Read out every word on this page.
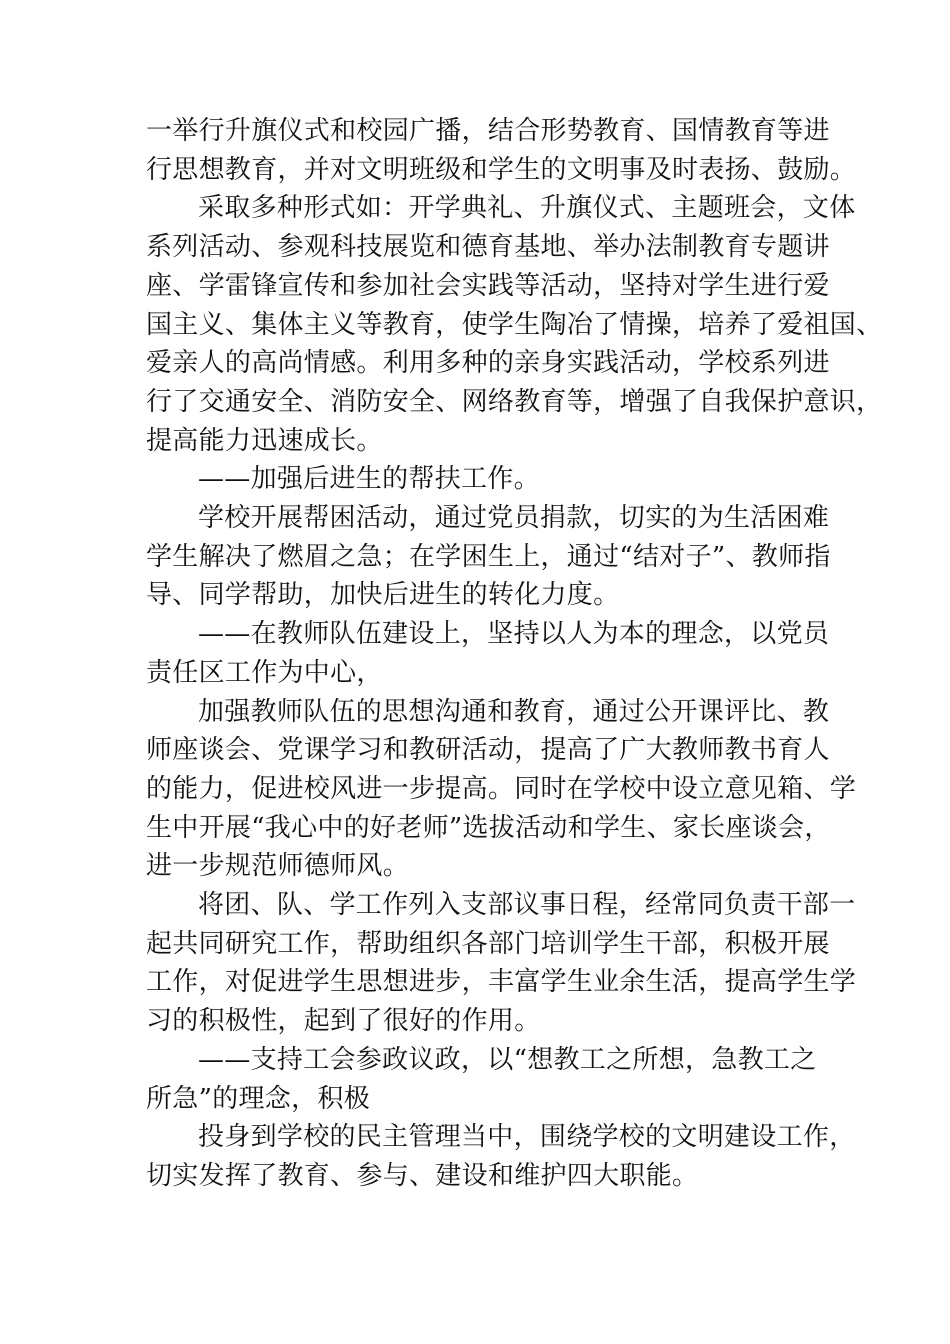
一举行升旗仪式和校园广播，结合形势教育、国情教育等进
行思想教育，并对文明班级和学生的文明事及时表扬、鼓励。
采取多种形式如：开学典礼、升旗仪式、主题班会，文体
系列活动、参观科技展览和德育基地、举办法制教育专题讲
座、学雷锋宣传和参加社会实践等活动，坚持对学生进行爱
国主义、集体主义等教育，使学生陶冶了情操，培养了爱祖国、
爱亲人的高尚情感。利用多种的亲身实践活动，学校系列进
行了交通安全、消防安全、网络教育等，增强了自我保护意识，
提高能力迅速成长。
——加强后进生的帮扶工作。
学校开展帮困活动，通过党员捐款，切实的为生活困难
学生解决了燃眉之急；在学困生上，通过“结对子”、教师指
导、同学帮助，加快后进生的转化力度。
——在教师队伍建设上，坚持以人为本的理念，以党员
责任区工作为中心，
加强教师队伍的思想沟通和教育，通过公开课评比、教
师座谈会、党课学习和教研活动，提高了广大教师教书育人
的能力，促进校风进一步提高。同时在学校中设立意见箱、学
生中开展“我心中的好老师”选拔活动和学生、家长座谈会，
进一步规范师德师风。
将团、队、学工作列入支部议事日程，经常同负责干部一
起共同研究工作，帮助组织各部门培训学生干部，积极开展
工作，对促进学生思想进步，丰富学生业余生活，提高学生学
习的积极性，起到了很好的作用。
——支持工会参政议政，以“想教工之所想，急教工之
所急”的理念，积极
投身到学校的民主管理当中，围绕学校的文明建设工作，
切实发挥了教育、参与、建设和维护四大职能。
